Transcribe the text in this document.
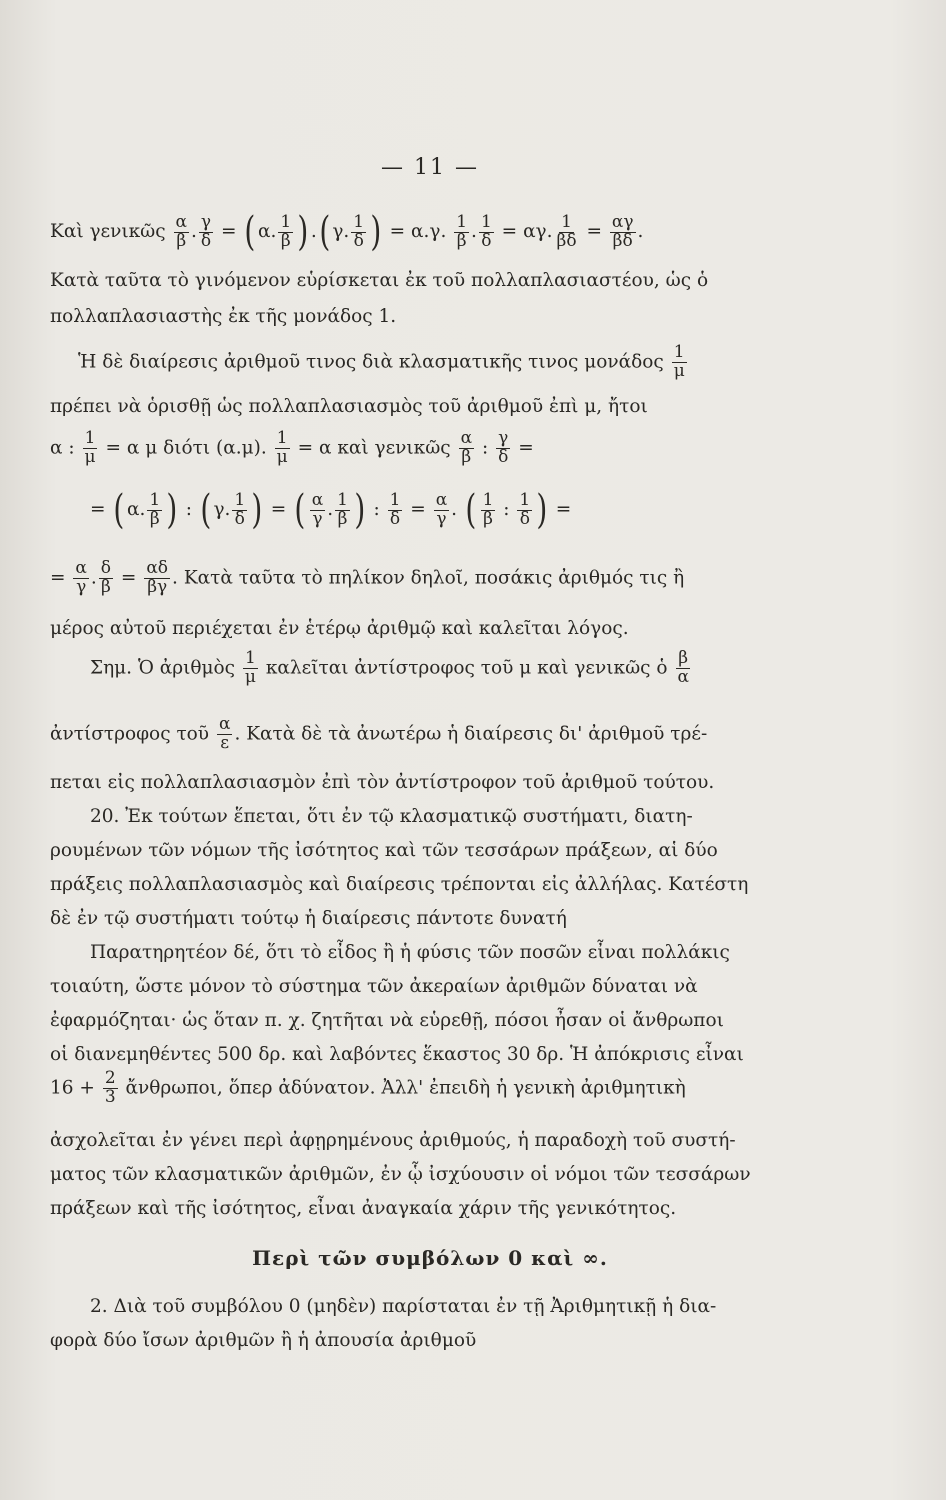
— 11 —
Καὶ γενικῶς $\frac{\alpha}{\beta}$ . $\frac{\gamma}{\delta}$ = ( α. $\frac{1}{\beta}$ ) .( γ. $\frac{1}{\delta}$ ) = α.γ. $\frac{1}{\beta}$ . $\frac{1}{\delta} = \alpha\gamma$. $\frac{1}{\beta\delta} = \frac{\alpha\gamma}{\beta\delta}$ .
Κατὰ ταῦτα τὸ γινόμενον εὑρίσκεται ἐκ τοῦ πολλαπλασιαστέου, ὡς ὁ
πολλαπλασιαστὴς ἐκ τῆς μονάδος 1.
Ἡ δὲ διαίρεσις ἀριθμοῦ τινος διὰ κλασματικῆς τινος μονάδος $\frac{1}{\mu}$
πρέπει νὰ ὁρισθῇ ὡς πολλαπλασιασμὸς τοῦ ἀριθμοῦ ἐπὶ μ, ἤτοι
α : $\frac{1}{\mu} = \alpha$ μ διότι (α.μ). $\frac{1}{\mu} = \alpha$ καὶ γενικῶς $\frac{\alpha}{\beta}$ : $\frac{\gamma}{\delta}$ =
= ( α. $\frac{1}{\beta}$ ) : ( γ. $\frac{1}{\delta}$ ) = ( $\frac{\alpha}{\gamma}$ . $\frac{1}{\beta}$ ) : $\frac{1}{\delta} = \frac{\alpha}{\gamma}$ . ( $\frac{1}{\beta}$ : $\frac{1}{\delta}$ ) =
= $\frac{\alpha}{\gamma}$ . $\frac{\delta}{\beta} = \frac{\alpha\delta}{\beta\gamma}$ . Κατὰ ταῦτα τὸ πηλίκον δηλοῖ, ποσάκις ἀριθμός τις ἢ
μέρος αὐτοῦ περιέχεται ἐν ἑτέρῳ ἀριθμῷ καὶ καλεῖται λόγος.
Σημ. Ὁ ἀριθμὸς $\frac{1}{\mu}$ καλεῖται ἀντίστροφος τοῦ μ καὶ γενικῶς ὁ $\frac{\beta}{\alpha}$
ἀντίστροφος τοῦ $\frac{\alpha}{\varepsilon}$ . Κατὰ δὲ τὰ ἀνωτέρω ἡ διαίρεσις δι' ἀριθμοῦ τρέ-
πεται εἰς πολλαπλασιασμὸν ἐπὶ τὸν ἀντίστροφον τοῦ ἀριθμοῦ τούτου.
20. Ἐκ τούτων ἕπεται, ὅτι ἐν τῷ κλασματικῷ συστήματι, διατη-
ρουμένων τῶν νόμων τῆς ἰσότητος καὶ τῶν τεσσάρων πράξεων, αἱ δύο
πράξεις πολλαπλασιασμὸς καὶ διαίρεσις τρέπονται εἰς ἀλλήλας. Κατέστη
δὲ ἐν τῷ συστήματι τούτῳ ἡ διαίρεσις πάντοτε δυνατή
Παρατηρητέον δέ, ὅτι τὸ εἶδος ἢ ἡ φύσις τῶν ποσῶν εἶναι πολλάκις
τοιαύτη, ὥστε μόνον τὸ σύστημα τῶν ἀκεραίων ἀριθμῶν δύναται νὰ
ἐφαρμόζηται· ὡς ὅταν π. χ. ζητῆται νὰ εὑρεθῇ, πόσοι ἦσαν οἱ ἄνθρωποι
οἱ διανεμηθέντες 500 δρ. καὶ λαβόντες ἕκαστος 30 δρ. Ἡ ἀπόκρισις εἶναι
$16 + \frac{2}{3}$ ἄνθρωποι, ὅπερ ἀδύνατον. Ἀλλ' ἐπειδὴ ἡ γενικὴ ἀριθμητικὴ
ἀσχολεῖται ἐν γένει περὶ ἀφῃρημένους ἀριθμούς, ἡ παραδοχὴ τοῦ συστή-
ματος τῶν κλασματικῶν ἀριθμῶν, ἐν ᾧ ἰσχύουσιν οἱ νόμοι τῶν τεσσάρων
πράξεων καὶ τῆς ἰσότητος, εἶναι ἀναγκαία χάριν τῆς γενικότητος.
Περὶ τῶν συμβόλων 0 καὶ ∞.
2. Διὰ τοῦ συμβόλου 0 (μηδὲν) παρίσταται ἐν τῇ Ἀριθμητικῇ ἡ δια-
φορὰ δύο ἴσων ἀριθμῶν ἢ ἡ ἀπουσία ἀριθμοῦ
